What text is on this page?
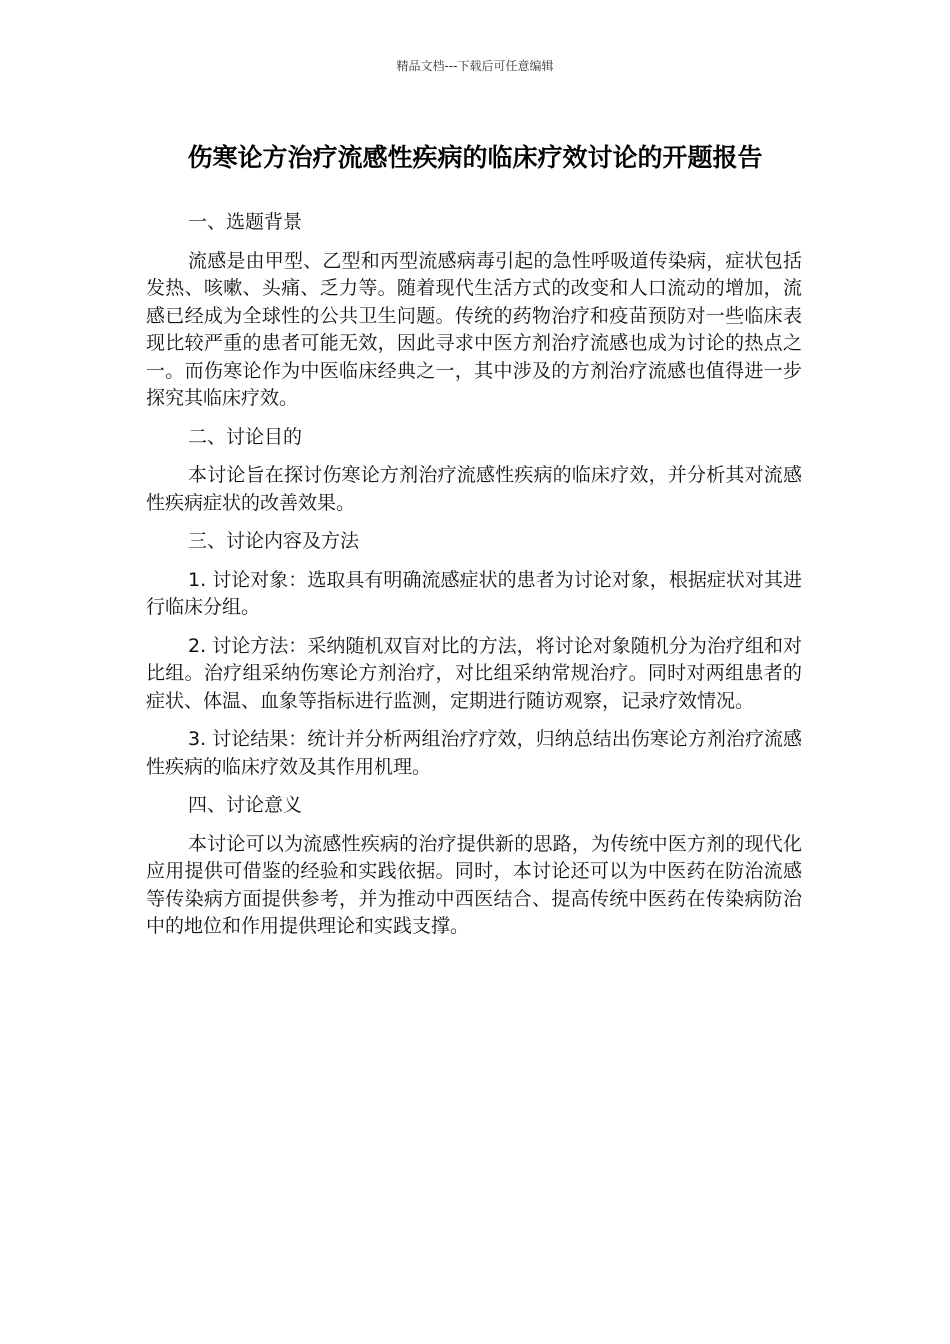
精品文档---下载后可任意编辑
伤寒论方治疗流感性疾病的临床疗效讨论的开题报告

一、选题背景

流感是由甲型、乙型和丙型流感病毒引起的急性呼吸道传染病，症状包括发热、咳嗽、头痛、乏力等。随着现代生活方式的改变和人口流动的增加，流感已经成为全球性的公共卫生问题。传统的药物治疗和疫苗预防对一些临床表现比较严重的患者可能无效，因此寻求中医方剂治疗流感也成为讨论的热点之一。而伤寒论作为中医临床经典之一，其中涉及的方剂治疗流感也值得进一步探究其临床疗效。

二、讨论目的

本讨论旨在探讨伤寒论方剂治疗流感性疾病的临床疗效，并分析其对流感性疾病症状的改善效果。

三、讨论内容及方法

1. 讨论对象：选取具有明确流感症状的患者为讨论对象，根据症状对其进行临床分组。

2. 讨论方法：采纳随机双盲对比的方法，将讨论对象随机分为治疗组和对比组。治疗组采纳伤寒论方剂治疗，对比组采纳常规治疗。同时对两组患者的症状、体温、血象等指标进行监测，定期进行随访观察，记录疗效情况。

3. 讨论结果：统计并分析两组治疗疗效，归纳总结出伤寒论方剂治疗流感性疾病的临床疗效及其作用机理。

四、讨论意义

本讨论可以为流感性疾病的治疗提供新的思路，为传统中医方剂的现代化应用提供可借鉴的经验和实践依据。同时，本讨论还可以为中医药在防治流感等传染病方面提供参考，并为推动中西医结合、提高传统中医药在传染病防治中的地位和作用提供理论和实践支撑。
